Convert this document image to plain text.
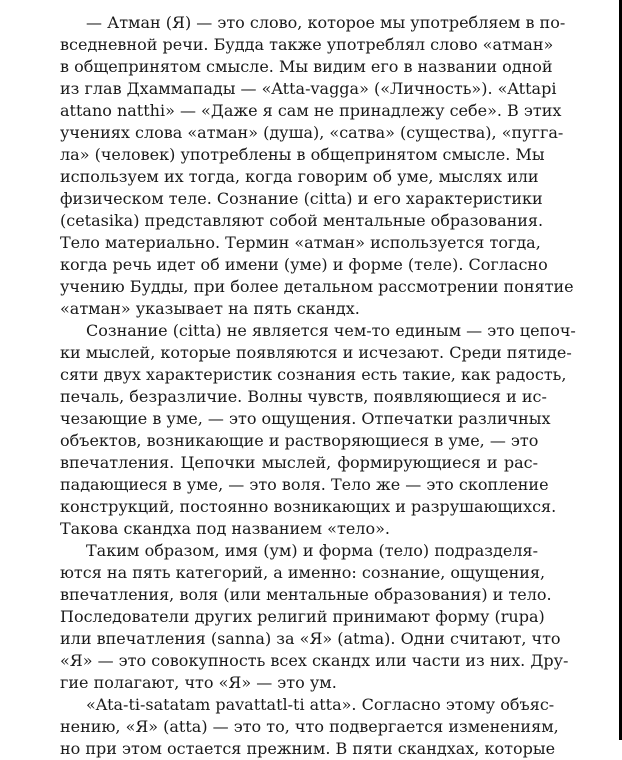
— Атман (Я) — это слово, которое мы употребляем в по-
вседневной речи. Будда также употреблял слово «атман»
в общепринятом смысле. Мы видим его в названии одной
из глав Дхаммапады — «Atta-vagga» («Личность»). «Attapi
attano natthi» — «Даже я сам не принадлежу себе». В этих
учениях слова «атман» (душа), «сатва» (существа), «пугга-
ла» (человек) употреблены в общепринятом смысле. Мы
используем их тогда, когда говорим об уме, мыслях или
физическом теле. Сознание (citta) и его характеристики
(cetasika) представляют собой ментальные образования.
Тело материально. Термин «атман» используется тогда,
когда речь идет об имени (уме) и форме (теле). Согласно
учению Будды, при более детальном рассмотрении понятие
«атман» указывает на пять скандх.
Сознание (citta) не является чем-то единым — это цепоч-
ки мыслей, которые появляются и исчезают. Среди пятиде-
сяти двух характеристик сознания есть такие, как радость,
печаль, безразличие. Волны чувств, появляющиеся и ис-
чезающие в уме, — это ощущения. Отпечатки различных
объектов, возникающие и растворяющиеся в уме, — это
впечатления. Цепочки мыслей, формирующиеся и рас-
падающиеся в уме, — это воля. Тело же — это скопление
конструкций, постоянно возникающих и разрушающихся.
Такова скандха под названием «тело».
Таким образом, имя (ум) и форма (тело) подразделя-
ются на пять категорий, а именно: сознание, ощущения,
впечатления, воля (или ментальные образования) и тело.
Последователи других религий принимают форму (rupa)
или впечатления (sanna) за «Я» (atma). Одни считают, что
«Я» — это совокупность всех скандх или части из них. Дру-
гие полагают, что «Я» — это ум.
«Ata-ti-satatam pavattatl-ti atta». Согласно этому объяс-
нению, «Я» (atta) — это то, что подвергается изменениям,
но при этом остается прежним. В пяти скандхах, которые
